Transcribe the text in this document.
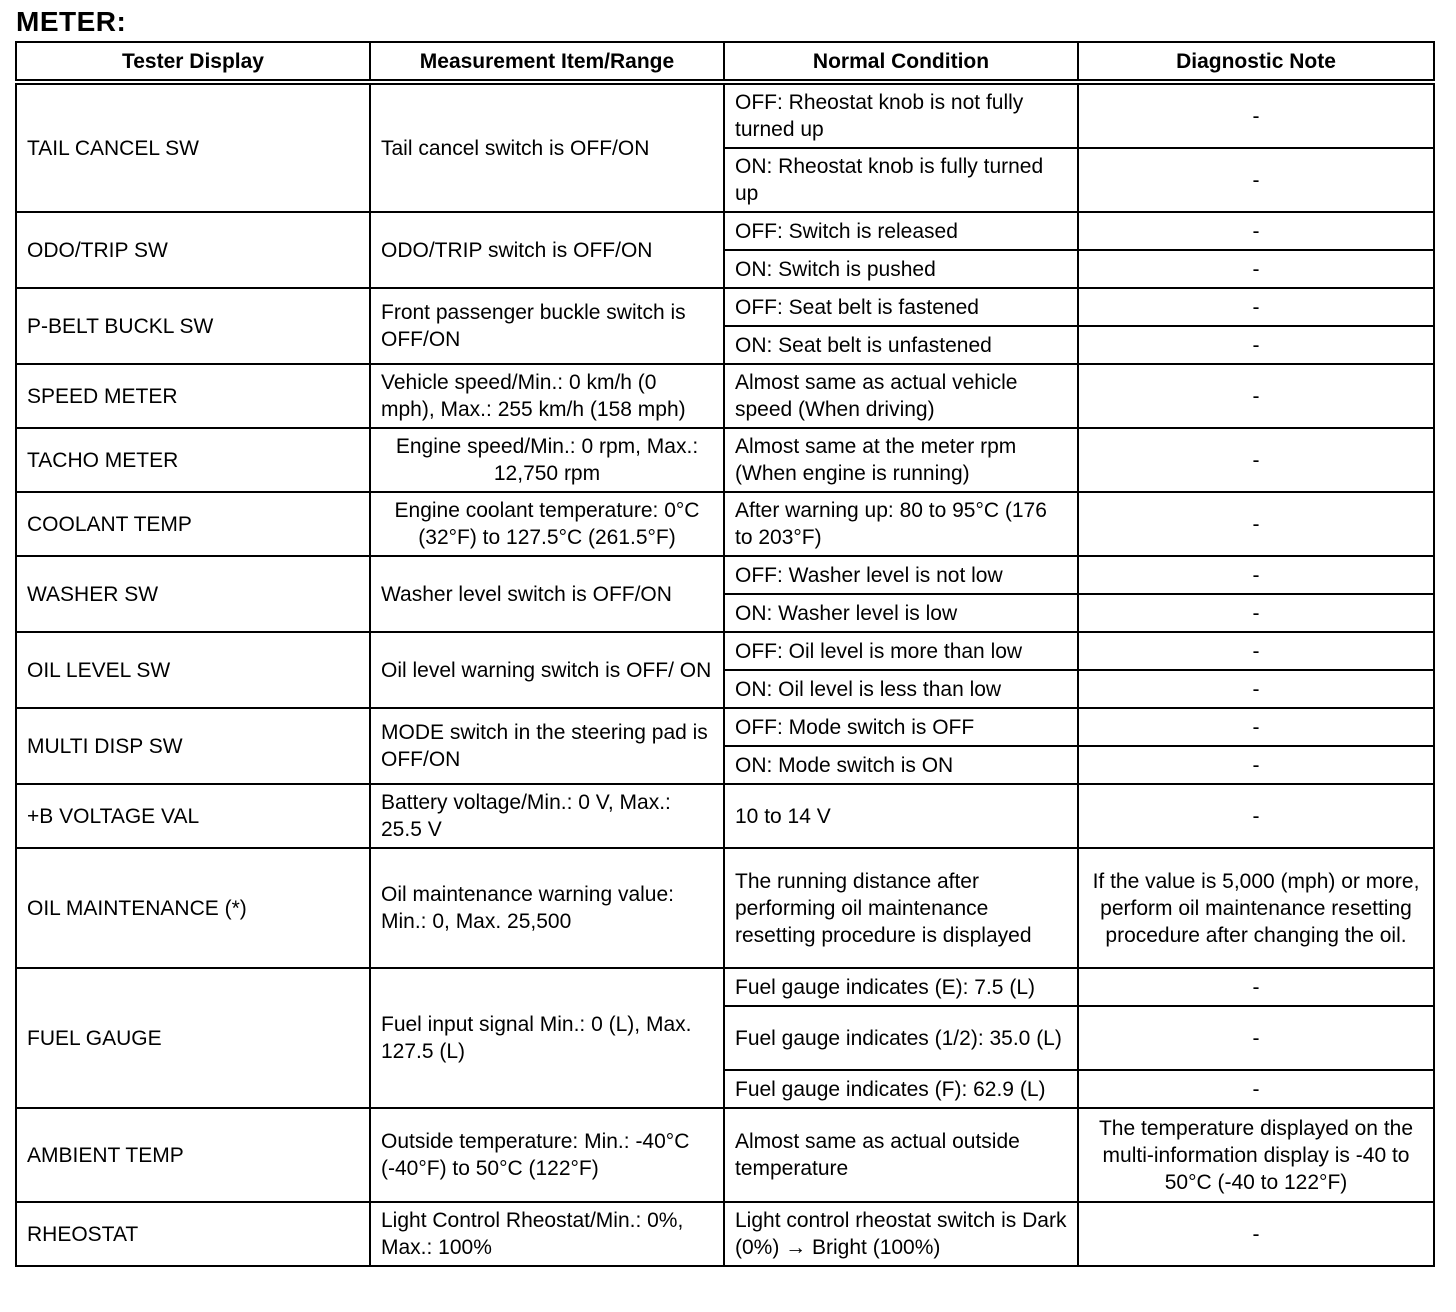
METER:
Tester Display	Measurement Item/Range	Normal Condition	Diagnostic Note
TAIL CANCEL SW	Tail cancel switch is OFF/ON	OFF: Rheostat knob is not fully turned up	-
		ON: Rheostat knob is fully turned up	-
ODO/TRIP SW	ODO/TRIP switch is OFF/ON	OFF: Switch is released	-
		ON: Switch is pushed	-
P-BELT BUCKL SW	Front passenger buckle switch is OFF/ON	OFF: Seat belt is fastened	-
		ON: Seat belt is unfastened	-
SPEED METER	Vehicle speed/Min.: 0 km/h (0 mph), Max.: 255 km/h (158 mph)	Almost same as actual vehicle speed (When driving)	-
TACHO METER	Engine speed/Min.: 0 rpm, Max.: 12,750 rpm	Almost same at the meter rpm (When engine is running)	-
COOLANT TEMP	Engine coolant temperature: 0°C (32°F) to 127.5°C (261.5°F)	After warning up: 80 to 95°C (176 to 203°F)	-
WASHER SW	Washer level switch is OFF/ON	OFF: Washer level is not low	-
		ON: Washer level is low	-
OIL LEVEL SW	Oil level warning switch is OFF/ ON	OFF: Oil level is more than low	-
		ON: Oil level is less than low	-
MULTI DISP SW	MODE switch in the steering pad is OFF/ON	OFF: Mode switch is OFF	-
		ON: Mode switch is ON	-
+B VOLTAGE VAL	Battery voltage/Min.: 0 V, Max.: 25.5 V	10 to 14 V	-
OIL MAINTENANCE (*)	Oil maintenance warning value: Min.: 0, Max. 25,500	The running distance after performing oil maintenance resetting procedure is displayed	If the value is 5,000 (mph) or more, perform oil maintenance resetting procedure after changing the oil.
FUEL GAUGE	Fuel input signal Min.: 0 (L), Max. 127.5 (L)	Fuel gauge indicates (E): 7.5 (L)	-
		Fuel gauge indicates (1/2): 35.0 (L)	-
		Fuel gauge indicates (F): 62.9 (L)	-
AMBIENT TEMP	Outside temperature: Min.: -40°C (-40°F) to 50°C (122°F)	Almost same as actual outside temperature	The temperature displayed on the multi-information display is -40 to 50°C (-40 to 122°F)
RHEOSTAT	Light Control Rheostat/Min.: 0%, Max.: 100%	Light control rheostat switch is Dark (0%) → Bright (100%)	-
